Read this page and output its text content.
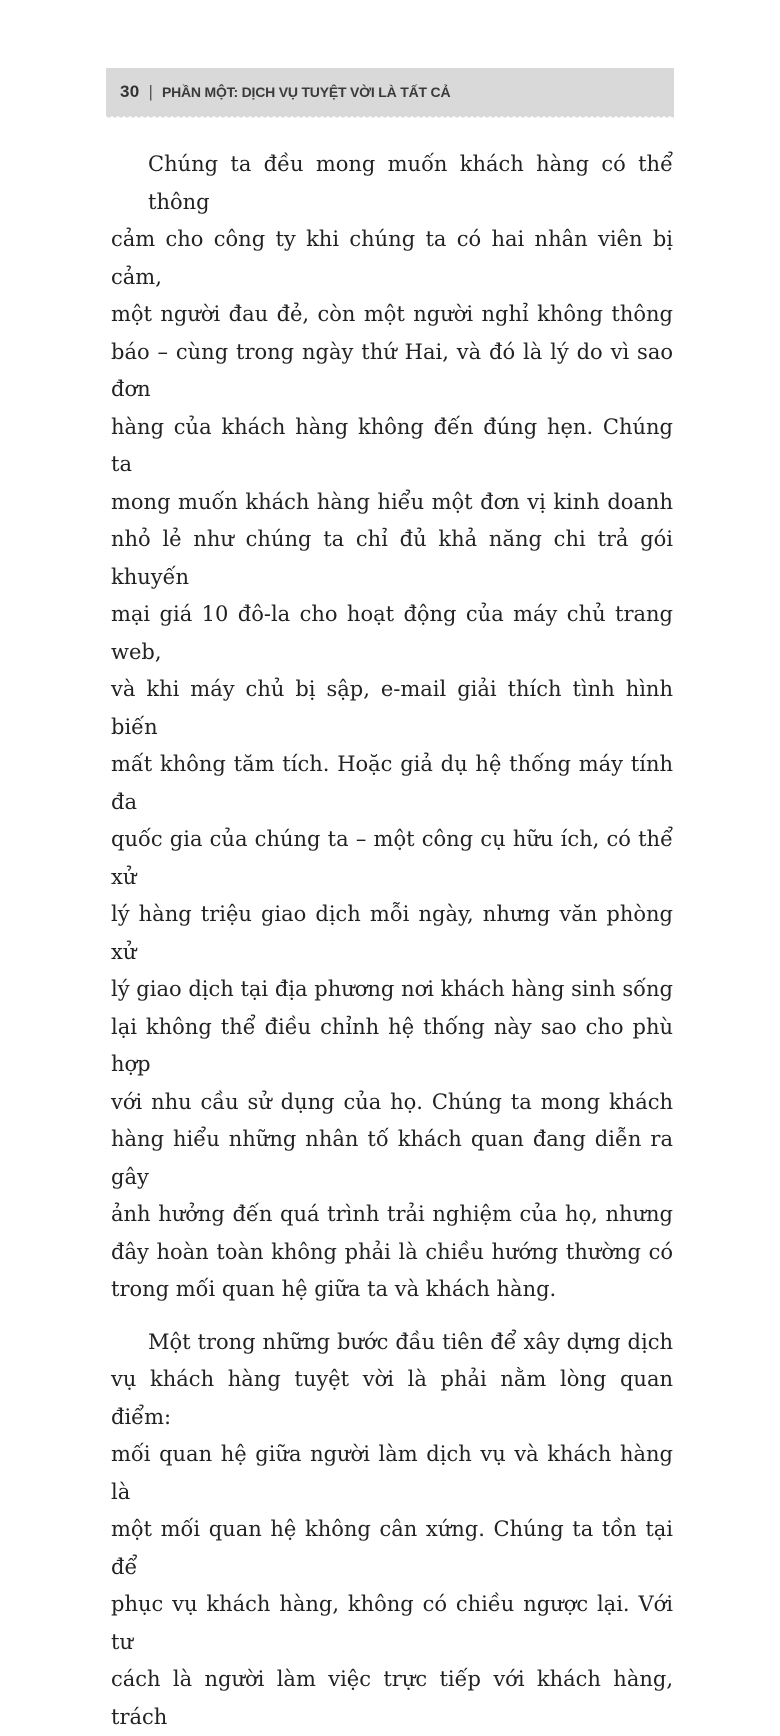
30 | PHẦN MỘT: DỊCH VỤ TUYỆT VỜI LÀ TẤT CẢ

Chúng ta đều mong muốn khách hàng có thể thông
cảm cho công ty khi chúng ta có hai nhân viên bị cảm,
một người đau đẻ, còn một người nghỉ không thông
báo – cùng trong ngày thứ Hai, và đó là lý do vì sao đơn
hàng của khách hàng không đến đúng hẹn. Chúng ta
mong muốn khách hàng hiểu một đơn vị kinh doanh
nhỏ lẻ như chúng ta chỉ đủ khả năng chi trả gói khuyến
mại giá 10 đô-la cho hoạt động của máy chủ trang web,
và khi máy chủ bị sập, e-mail giải thích tình hình biến
mất không tăm tích. Hoặc giả dụ hệ thống máy tính đa
quốc gia của chúng ta – một công cụ hữu ích, có thể xử
lý hàng triệu giao dịch mỗi ngày, nhưng văn phòng xử
lý giao dịch tại địa phương nơi khách hàng sinh sống
lại không thể điều chỉnh hệ thống này sao cho phù hợp
với nhu cầu sử dụng của họ. Chúng ta mong khách
hàng hiểu những nhân tố khách quan đang diễn ra gây
ảnh hưởng đến quá trình trải nghiệm của họ, nhưng
đây hoàn toàn không phải là chiều hướng thường có
trong mối quan hệ giữa ta và khách hàng.

Một trong những bước đầu tiên để xây dựng dịch
vụ khách hàng tuyệt vời là phải nằm lòng quan điểm:
mối quan hệ giữa người làm dịch vụ và khách hàng là
một mối quan hệ không cân xứng. Chúng ta tồn tại để
phục vụ khách hàng, không có chiều ngược lại. Với tư
cách là người làm việc trực tiếp với khách hàng, trách
